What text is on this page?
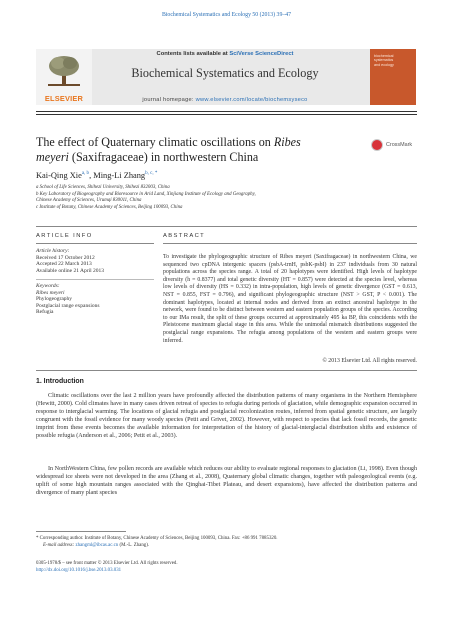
Biochemical Systematics and Ecology 50 (2013) 39–47
ELSEVIER
Contents lists available at SciVerse ScienceDirect
Biochemical Systematics and Ecology
journal homepage: www.elsevier.com/locate/biochemsyseco
biochemical
systematics
and ecology
The effect of Quaternary climatic oscillations on Ribes meyeri (Saxifragaceae) in northwestern China
CrossMark
Kai-Qing Xie$^{a, b}$, Ming-Li Zhang$^{b, c, *}$
a School of Life Sciences, Shihezi University, Shihezi 832003, China
b Key Laboratory of Biogeography and Bioresource in Arid Land, Xinjiang Institute of Ecology and Geography,
Chinese Academy of Sciences, Urumqi 830011, China
c Institute of Botany, Chinese Academy of Sciences, Beijing 100093, China
ARTICLE INFO
Article history:
Received 17 October 2012
Accepted 22 March 2013
Available online 21 April 2013
Keywords:
Ribes meyeri
Phylogeography
Postglacial range expansions
Refugia
ABSTRACT
To investigate the phylogeographic structure of Ribes meyeri (Saxifragaceae) in northwestern China, we sequenced two cpDNA intergenic spacers (psbA-trnH, psbK-psbI) in 237 individuals from 30 natural populations across the species range. A total of 20 haplotypes were identified. High levels of haplotype diversity (h = 0.8377) and total genetic diversity (HT = 0.857) were detected at the species level, whereas low levels of diversity (HS = 0.332) in intra-population, high levels of genetic divergence (GST = 0.613, NST = 0.855, FST = 0.796), and significant phylogeographic structure (NST > GST, P < 0.001). The dominant haplotypes, located at internal nodes and derived from an extinct ancestral haplotype in the network, were found to be distinct between western and eastern population groups of the species. According to our IMa result, the split of these groups occurred at approximately 495 ka BP, this coincidents with the Pleistocene maximum glacial stage in this area. While the unimodal mismatch distributions suggested the postglacial range expansions. The refugia among populations of the western and eastern groups were inferred.
© 2013 Elsevier Ltd. All rights reserved.
1. Introduction
Climatic oscillations over the last 2 million years have profoundly affected the distribution patterns of many organisms in the Northern Hemisphere (Hewitt, 2000). Cold climates have in many cases driven retreat of species to refugia during periods of glaciation, while demographic expansion occurred in response to interglacial warming. The locations of glacial refugia and postglacial recolonization routes, inferred from spatial genetic structure, are largely congruent with the fossil evidence for many woody species (Petit and Grivet, 2002). However, with respect to species that lack fossil records, the genetic imprint from these events becomes the available information for interpretation of the history of glacial-interglacial distribution shifts and existence of possible refugia (Anderson et al., 2006; Petit et al., 2003).
In NorthWestern China, few pollen records are available which reduces our ability to evaluate regional responses to glaciation (Li, 1998). Even though widespread ice sheets were not developed in the area (Zhang et al., 2008), Quaternary global climatic changes, together with paleogeological events (e.g. uplift of some high mountain ranges associated with the Qinghai-Tibet Plateau, and desert expansions), have affected the distribution patterns and divergence of many plant species
* Corresponding author. Institute of Botany, Chinese Academy of Sciences, Beijing 100093, China. Fax: +86 991 7885320.
E-mail address: zhangml@ibcas.ac.cn (M.-L. Zhang).
0305-1978/$ – see front matter © 2013 Elsevier Ltd. All rights reserved.
http://dx.doi.org/10.1016/j.bse.2013.03.031
